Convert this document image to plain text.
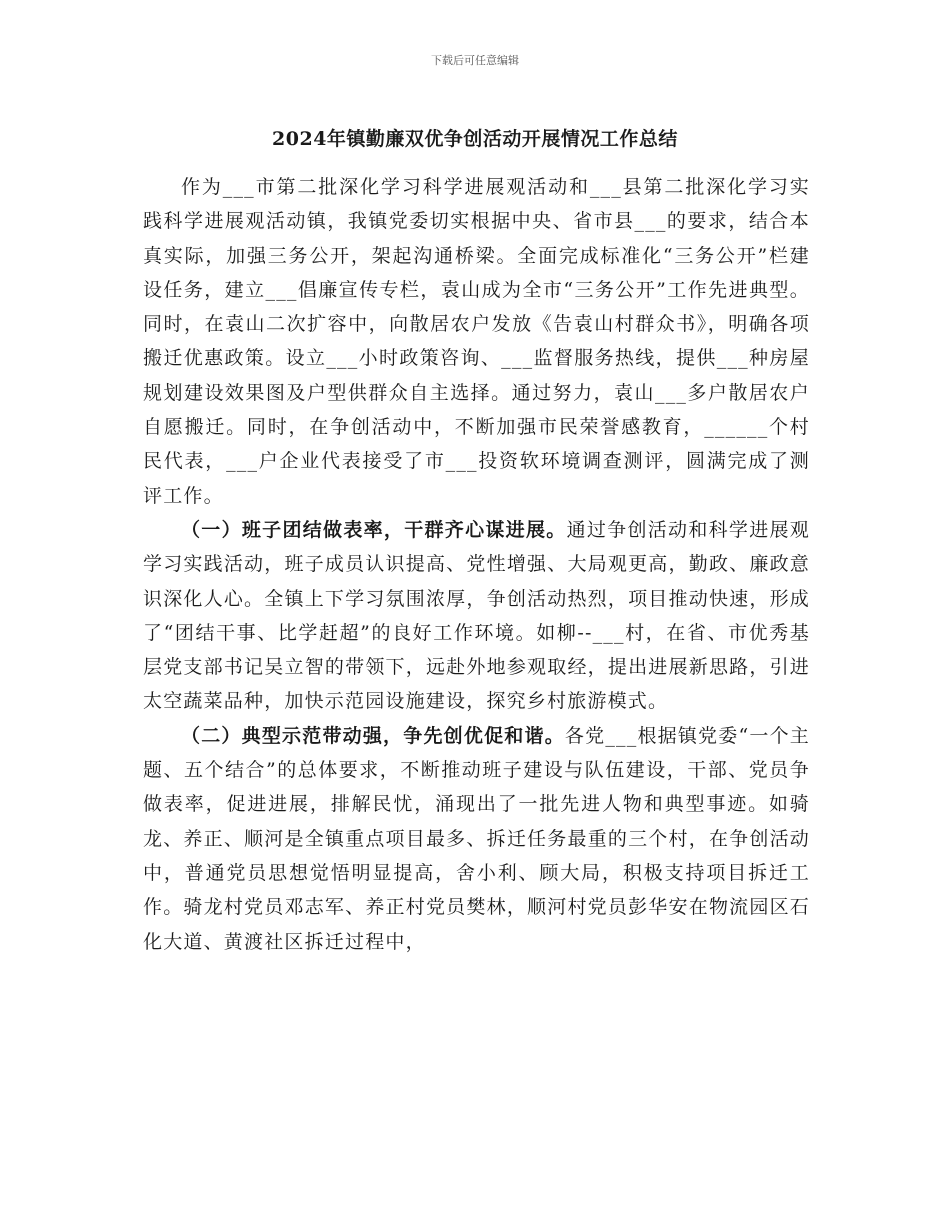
下载后可任意编辑
2024年镇勤廉双优争创活动开展情况工作总结

作为___市第二批深化学习科学进展观活动和___县第二批深化学习实践科学进展观活动镇，我镇党委切实根据中央、省市县___的要求，结合本真实际，加强三务公开，架起沟通桥梁。全面完成标准化“三务公开”栏建设任务，建立___倡廉宣传专栏，袁山成为全市“三务公开”工作先进典型。同时，在袁山二次扩容中，向散居农户发放《告袁山村群众书》，明确各项搬迁优惠政策。设立___小时政策咨询、___监督服务热线，提供___种房屋规划建设效果图及户型供群众自主选择。通过努力，袁山___多户散居农户自愿搬迁。同时，在争创活动中，不断加强市民荣誉感教育，______个村民代表，___户企业代表接受了市___投资软环境调查测评，圆满完成了测评工作。

（一）班子团结做表率，干群齐心谋进展。通过争创活动和科学进展观学习实践活动，班子成员认识提高、党性增强、大局观更高，勤政、廉政意识深化人心。全镇上下学习氛围浓厚，争创活动热烈，项目推动快速，形成了“团结干事、比学赶超”的良好工作环境。如柳--___村，在省、市优秀基层党支部书记吴立智的带领下，远赴外地参观取经，提出进展新思路，引进太空蔬菜品种，加快示范园设施建设，探究乡村旅游模式。

（二）典型示范带动强，争先创优促和谐。各党___根据镇党委“一个主题、五个结合”的总体要求，不断推动班子建设与队伍建设，干部、党员争做表率，促进进展，排解民忧，涌现出了一批先进人物和典型事迹。如骑龙、养正、顺河是全镇重点项目最多、拆迁任务最重的三个村，在争创活动中，普通党员思想觉悟明显提高，舍小利、顾大局，积极支持项目拆迁工作。骑龙村党员邓志军、养正村党员樊林，顺河村党员彭华安在物流园区石化大道、黄渡社区拆迁过程中，
